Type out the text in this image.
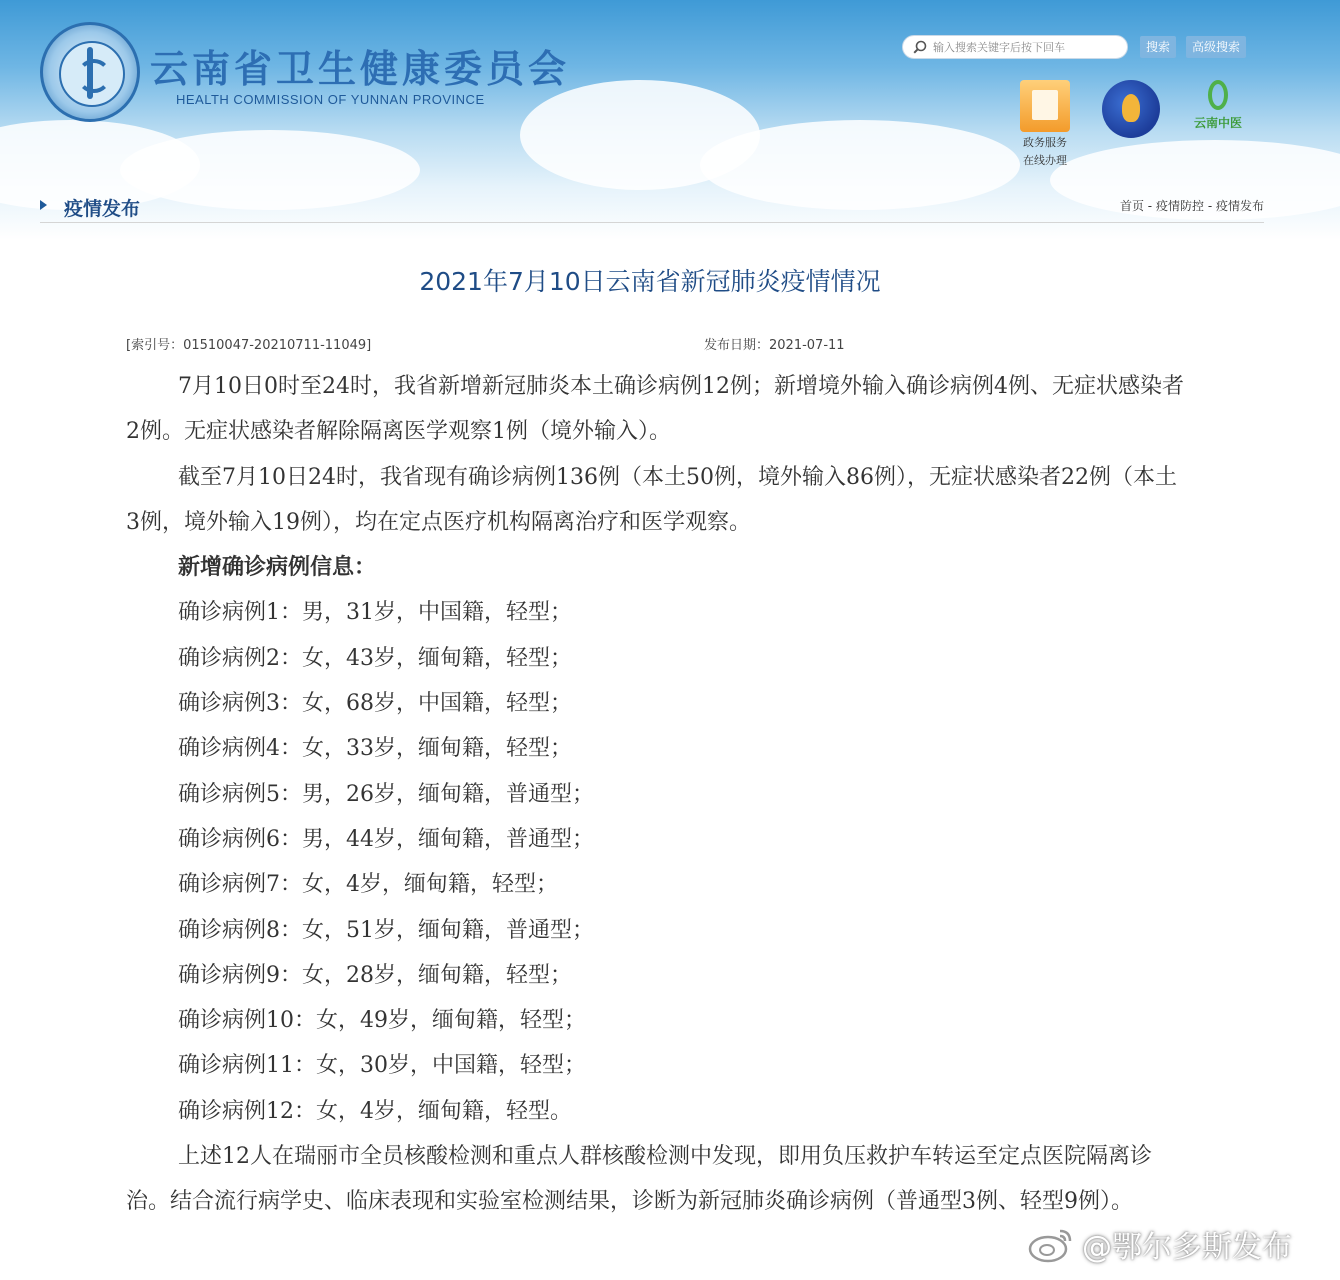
云南省卫生健康委员会
HEALTH COMMISSION OF YUNNAN PROVINCE
输入搜索关键字后按下回车
搜索	高级搜索
政务服务
在线办理
云南中医
疫情发布	首页 - 疫情防控 - 疫情发布
2021年7月10日云南省新冠肺炎疫情情况
[索引号：01510047-20210711-11049]	发布日期：2021-07-11

7月10日0时至24时，我省新增新冠肺炎本土确诊病例12例；新增境外输入确诊病例4例、无症状感染者2例。无症状感染者解除隔离医学观察1例（境外输入）。

截至7月10日24时，我省现有确诊病例136例（本土50例，境外输入86例），无症状感染者22例（本土3例，境外输入19例），均在定点医疗机构隔离治疗和医学观察。

新增确诊病例信息：

确诊病例1：男，31岁，中国籍，轻型；

确诊病例2：女，43岁，缅甸籍，轻型；

确诊病例3：女，68岁，中国籍，轻型；

确诊病例4：女，33岁，缅甸籍，轻型；

确诊病例5：男，26岁，缅甸籍，普通型；

确诊病例6：男，44岁，缅甸籍，普通型；

确诊病例7：女，4岁，缅甸籍，轻型；

确诊病例8：女，51岁，缅甸籍，普通型；

确诊病例9：女，28岁，缅甸籍，轻型；

确诊病例10：女，49岁，缅甸籍，轻型；

确诊病例11：女，30岁，中国籍，轻型；

确诊病例12：女，4岁，缅甸籍，轻型。

上述12人在瑞丽市全员核酸检测和重点人群核酸检测中发现，即用负压救护车转运至定点医院隔离诊治。结合流行病学史、临床表现和实验室检测结果，诊断为新冠肺炎确诊病例（普通型3例、轻型9例）。

@鄂尔多斯发布
